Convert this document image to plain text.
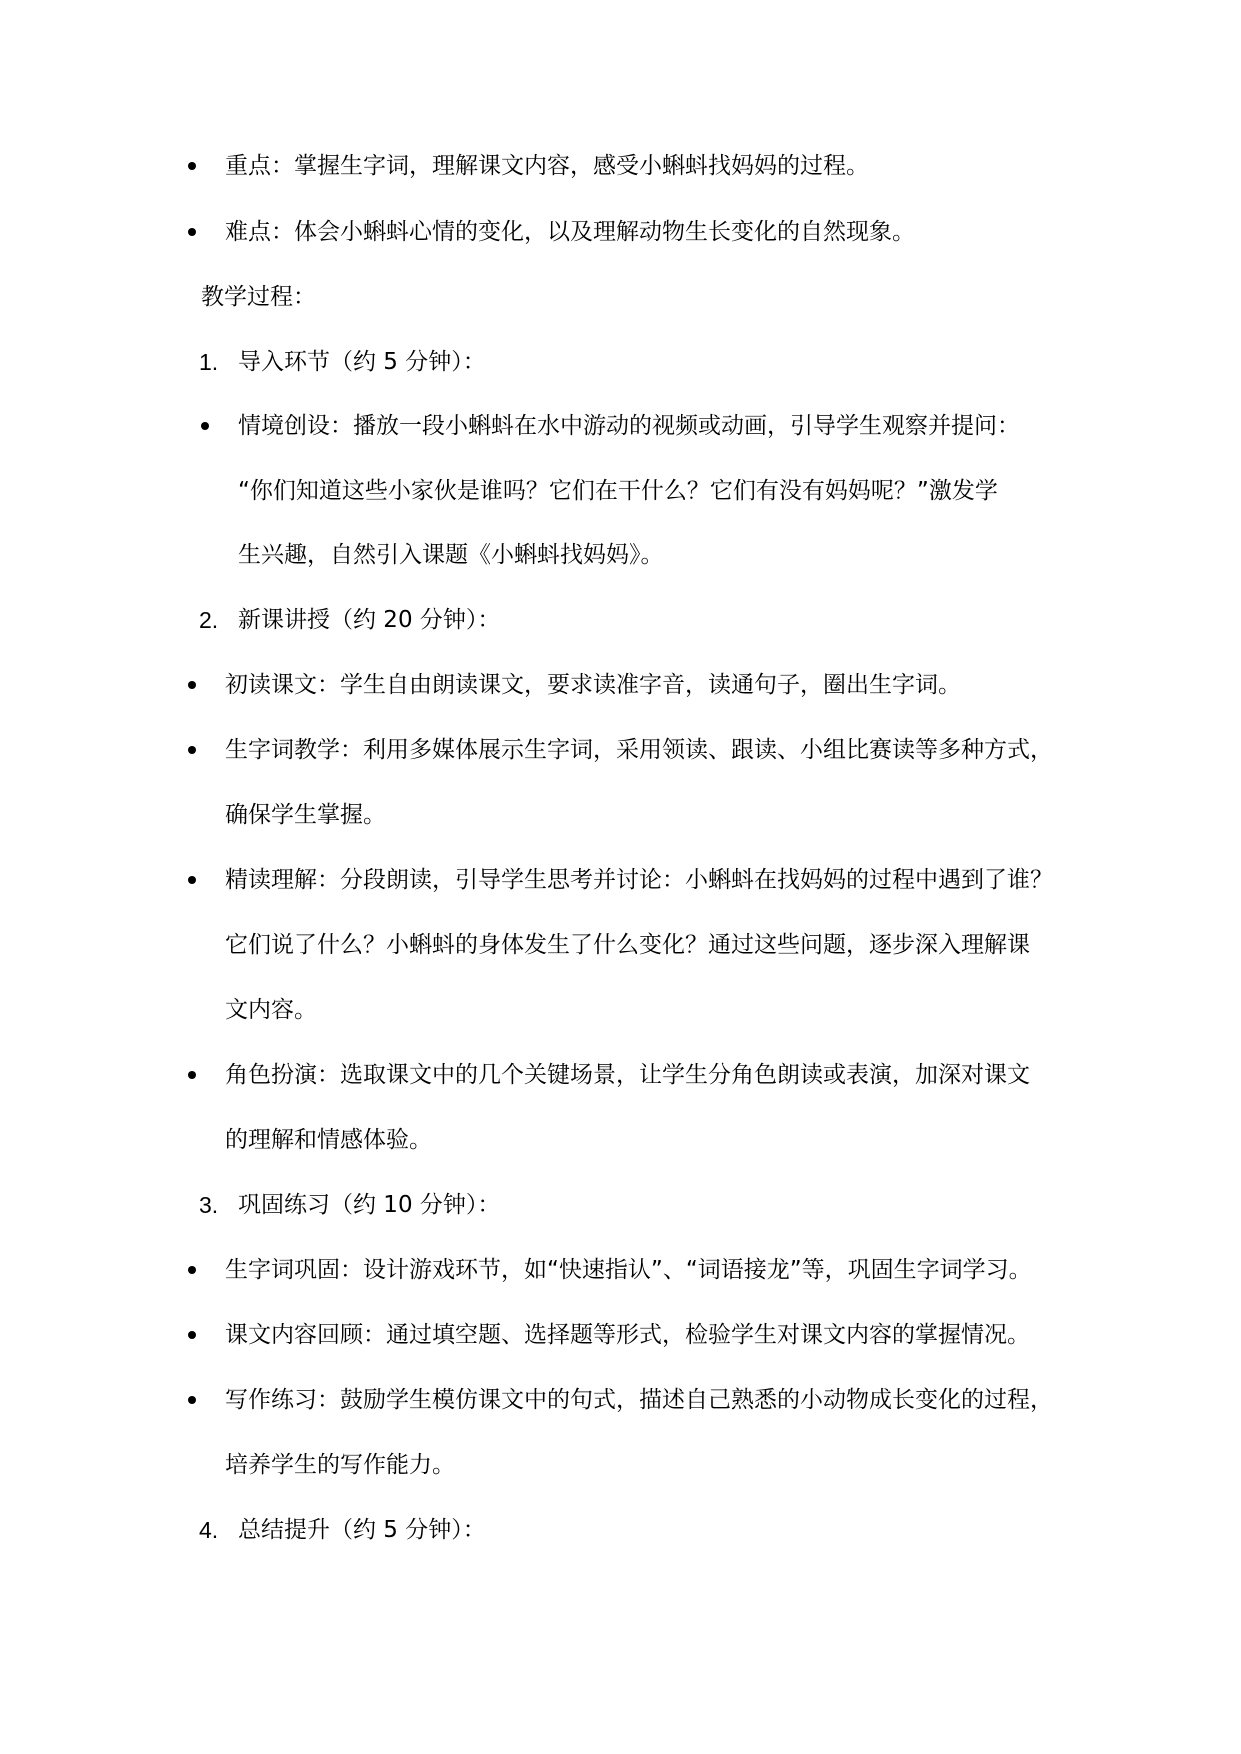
重点：掌握生字词，理解课文内容，感受小蝌蚪找妈妈的过程。
难点：体会小蝌蚪心情的变化，以及理解动物生长变化的自然现象。
教学过程：
1. 导入环节（约 5 分钟）：
情境创设：播放一段小蝌蚪在水中游动的视频或动画，引导学生观察并提问：
“你们知道这些小家伙是谁吗？它们在干什么？它们有没有妈妈呢？”激发学
生兴趣，自然引入课题《小蝌蚪找妈妈》。
2. 新课讲授（约 20 分钟）：
初读课文：学生自由朗读课文，要求读准字音，读通句子，圈出生字词。
生字词教学：利用多媒体展示生字词，采用领读、跟读、小组比赛读等多种方式，
确保学生掌握。
精读理解：分段朗读，引导学生思考并讨论：小蝌蚪在找妈妈的过程中遇到了谁？
它们说了什么？小蝌蚪的身体发生了什么变化？通过这些问题，逐步深入理解课
文内容。
角色扮演：选取课文中的几个关键场景，让学生分角色朗读或表演，加深对课文
的理解和情感体验。
3. 巩固练习（约 10 分钟）：
生字词巩固：设计游戏环节，如“快速指认”、“词语接龙”等，巩固生字词学习。
课文内容回顾：通过填空题、选择题等形式，检验学生对课文内容的掌握情况。
写作练习：鼓励学生模仿课文中的句式，描述自己熟悉的小动物成长变化的过程，
培养学生的写作能力。
4. 总结提升（约 5 分钟）：
